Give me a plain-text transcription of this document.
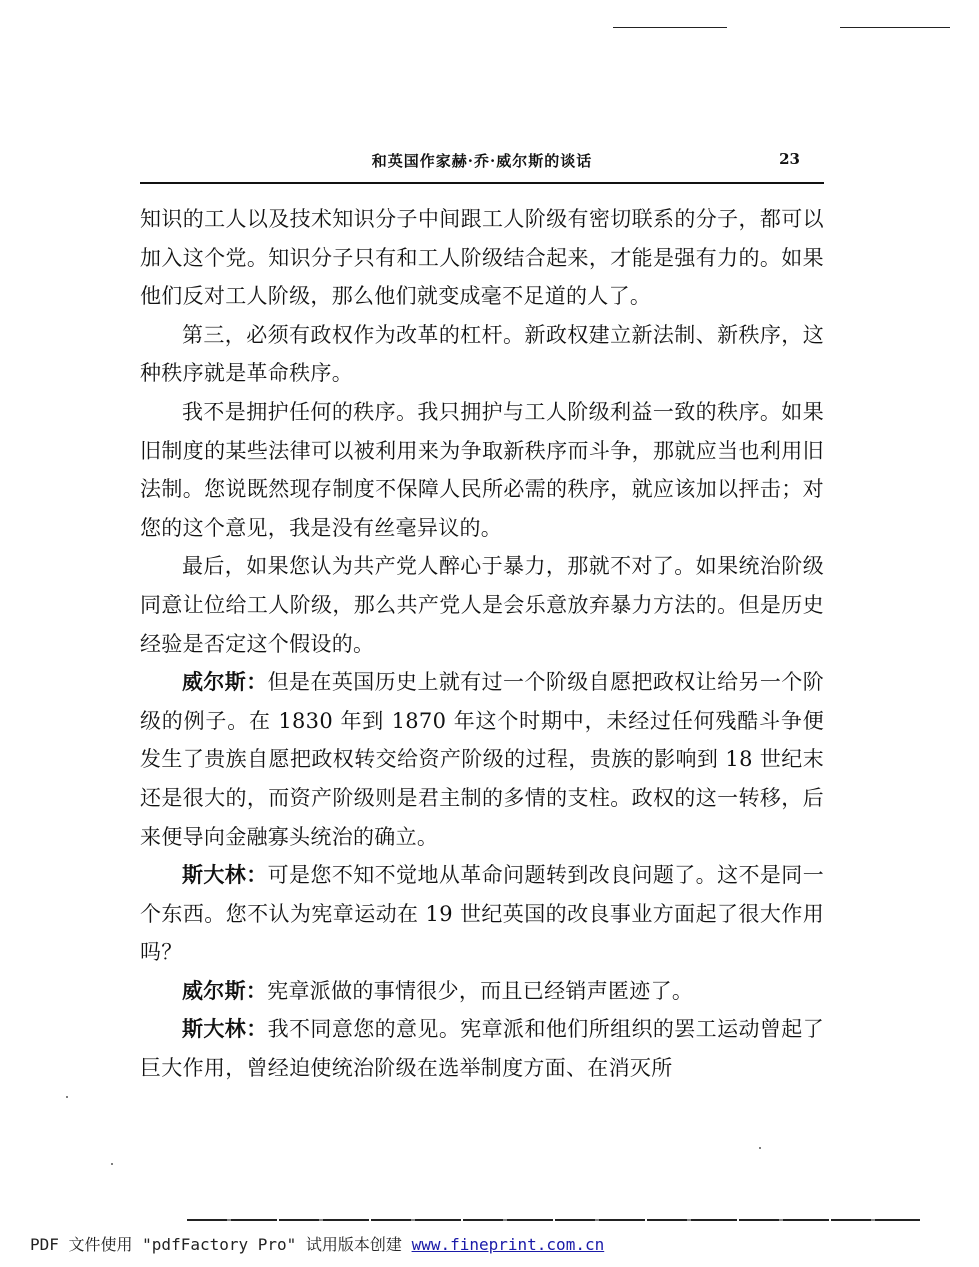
和英国作家赫·乔·威尔斯的谈话	23

知识的工人以及技术知识分子中间跟工人阶级有密切联系的分子，都可以加入这个党。知识分子只有和工人阶级结合起来，才能是强有力的。如果他们反对工人阶级，那么他们就变成毫不足道的人了。

第三，必须有政权作为改革的杠杆。新政权建立新法制、新秩序，这种秩序就是革命秩序。

我不是拥护任何的秩序。我只拥护与工人阶级利益一致的秩序。如果旧制度的某些法律可以被利用来为争取新秩序而斗争，那就应当也利用旧法制。您说既然现存制度不保障人民所必需的秩序，就应该加以抨击；对您的这个意见，我是没有丝毫异议的。

最后，如果您认为共产党人醉心于暴力，那就不对了。如果统治阶级同意让位给工人阶级，那么共产党人是会乐意放弃暴力方法的。但是历史经验是否定这个假设的。

威尔斯：但是在英国历史上就有过一个阶级自愿把政权让给另一个阶级的例子。在 1830 年到 1870 年这个时期中，未经过任何残酷斗争便发生了贵族自愿把政权转交给资产阶级的过程，贵族的影响到 18 世纪末还是很大的，而资产阶级则是君主制的多情的支柱。政权的这一转移，后来便导向金融寡头统治的确立。

斯大林：可是您不知不觉地从革命问题转到改良问题了。这不是同一个东西。您不认为宪章运动在 19 世纪英国的改良事业方面起了很大作用吗？

威尔斯：宪章派做的事情很少，而且已经销声匿迹了。

斯大林：我不同意您的意见。宪章派和他们所组织的罢工运动曾起了巨大作用，曾经迫使统治阶级在选举制度方面、在消灭所

PDF 文件使用 "pdfFactory Pro" 试用版本创建 www.fineprint.com.cn
